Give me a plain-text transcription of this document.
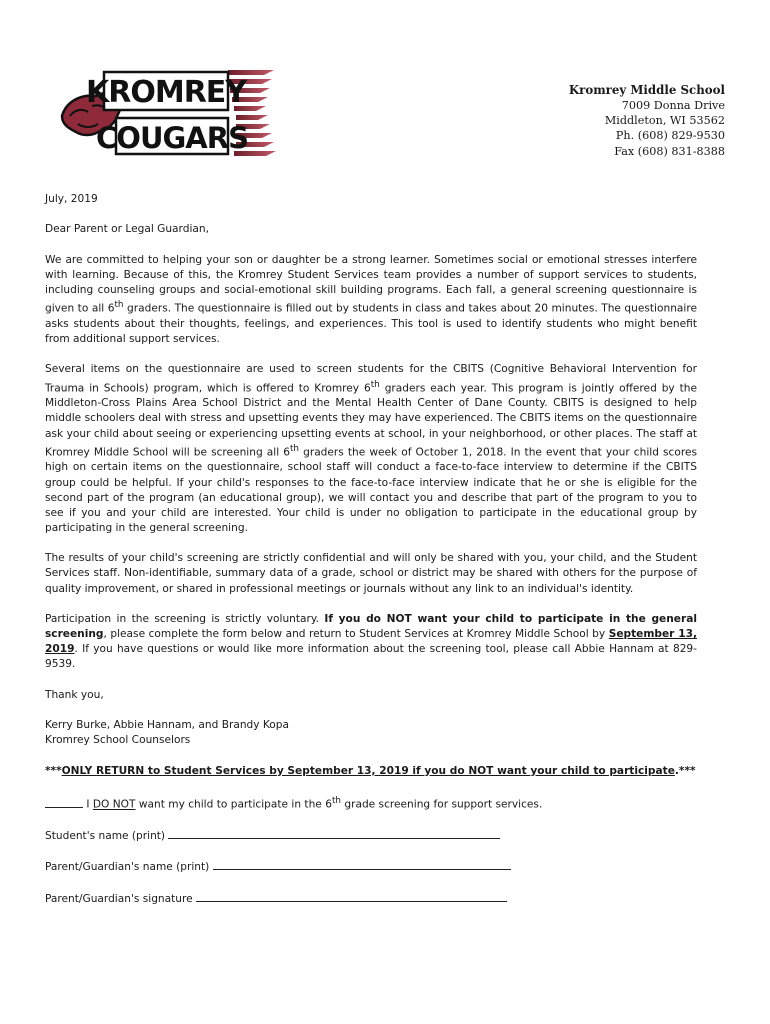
KROMREY
COUGARS
Kromrey Middle School
7009 Donna Drive
Middleton, WI 53562
Ph. (608) 829-9530
Fax (608) 831-8388

July, 2019

Dear Parent or Legal Guardian,

We are committed to helping your son or daughter be a strong learner. Sometimes social or emotional stresses interfere with learning. Because of this, the Kromrey Student Services team provides a number of support services to students, including counseling groups and social-emotional skill building programs. Each fall, a general screening questionnaire is given to all 6th graders. The questionnaire is filled out by students in class and takes about 20 minutes. The questionnaire asks students about their thoughts, feelings, and experiences. This tool is used to identify students who might benefit from additional support services.

Several items on the questionnaire are used to screen students for the CBITS (Cognitive Behavioral Intervention for Trauma in Schools) program, which is offered to Kromrey 6th graders each year. This program is jointly offered by the Middleton-Cross Plains Area School District and the Mental Health Center of Dane County. CBITS is designed to help middle schoolers deal with stress and upsetting events they may have experienced. The CBITS items on the questionnaire ask your child about seeing or experiencing upsetting events at school, in your neighborhood, or other places. The staff at Kromrey Middle School will be screening all 6th graders the week of October 1, 2018. In the event that your child scores high on certain items on the questionnaire, school staff will conduct a face-to-face interview to determine if the CBITS group could be helpful. If your child's responses to the face-to-face interview indicate that he or she is eligible for the second part of the program (an educational group), we will contact you and describe that part of the program to you to see if you and your child are interested. Your child is under no obligation to participate in the educational group by participating in the general screening.

The results of your child's screening are strictly confidential and will only be shared with you, your child, and the Student Services staff. Non-identifiable, summary data of a grade, school or district may be shared with others for the purpose of quality improvement, or shared in professional meetings or journals without any link to an individual's identity.

Participation in the screening is strictly voluntary. If you do NOT want your child to participate in the general screening, please complete the form below and return to Student Services at Kromrey Middle School by September 13, 2019. If you have questions or would like more information about the screening tool, please call Abbie Hannam at 829-9539.

Thank you,

Kerry Burke, Abbie Hannam, and Brandy Kopa

Kromrey School Counselors

***ONLY RETURN to Student Services by September 13, 2019 if you do NOT want your child to participate.***

I DO NOT want my child to participate in the 6th grade screening for support services.
Student's name (print)
Parent/Guardian's name (print)
Parent/Guardian's signature
